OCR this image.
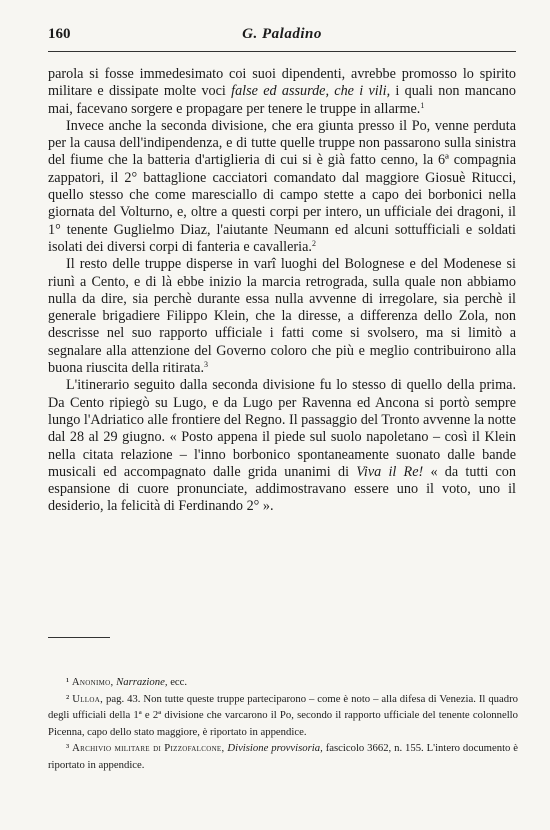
160	G. Paladino

parola si fosse immedesimato coi suoi dipendenti, avrebbe promosso lo spirito militare e dissipate molte voci false ed assurde, che i vili, i quali non mancano mai, facevano sorgere e propagare per tenere le truppe in allarme.$^1$

Invece anche la seconda divisione, che era giunta presso il Po, venne perduta per la causa dell'indipendenza, e di tutte quelle truppe non passarono sulla sinistra del fiume che la batteria d'artiglieria di cui si è già fatto cenno, la 6ª compagnia zappatori, il 2° battaglione cacciatori comandato dal maggiore Giosuè Ritucci, quello stesso che come maresciallo di campo stette a capo dei borbonici nella giornata del Volturno, e, oltre a questi corpi per intero, un ufficiale dei dragoni, il 1° tenente Guglielmo Diaz, l'aiutante Neumann ed alcuni sottufficiali e soldati isolati dei diversi corpi di fanteria e cavalleria.$^2$

Il resto delle truppe disperse in varî luoghi del Bolognese e del Modenese si riunì a Cento, e di là ebbe inizio la marcia retrograda, sulla quale non abbiamo nulla da dire, sia perchè durante essa nulla avvenne di irregolare, sia perchè il generale brigadiere Filippo Klein, che la diresse, a differenza dello Zola, non descrisse nel suo rapporto ufficiale i fatti come si svolsero, ma si limitò a segnalare alla attenzione del Governo coloro che più e meglio contribuirono alla buona riuscita della ritirata.$^3$

L'itinerario seguito dalla seconda divisione fu lo stesso di quello della prima. Da Cento ripiegò su Lugo, e da Lugo per Ravenna ed Ancona si portò sempre lungo l'Adriatico alle frontiere del Regno. Il passaggio del Tronto avvenne la notte dal 28 al 29 giugno. « Posto appena il piede sul suolo napoletano – così il Klein nella citata relazione – l'inno borbonico spontaneamente suonato dalle bande musicali ed accompagnato dalle grida unanimi di Viva il Re! « da tutti con espansione di cuore pronunciate, addimostravano essere uno il voto, uno il desiderio, la felicità di Ferdinando 2° ».

¹ Anonimo, Narrazione, ecc.

² Ulloa, pag. 43. Non tutte queste truppe parteciparono – come è noto – alla difesa di Venezia. Il quadro degli ufficiali della 1ª e 2ª divisione che varcarono il Po, secondo il rapporto ufficiale del tenente colonnello Picenna, capo dello stato maggiore, è riportato in appendice.

³ Archivio militare di Pizzofalcone, Divisione provvisoria, fascicolo 3662, n. 155. L'intero documento è riportato in appendice.
